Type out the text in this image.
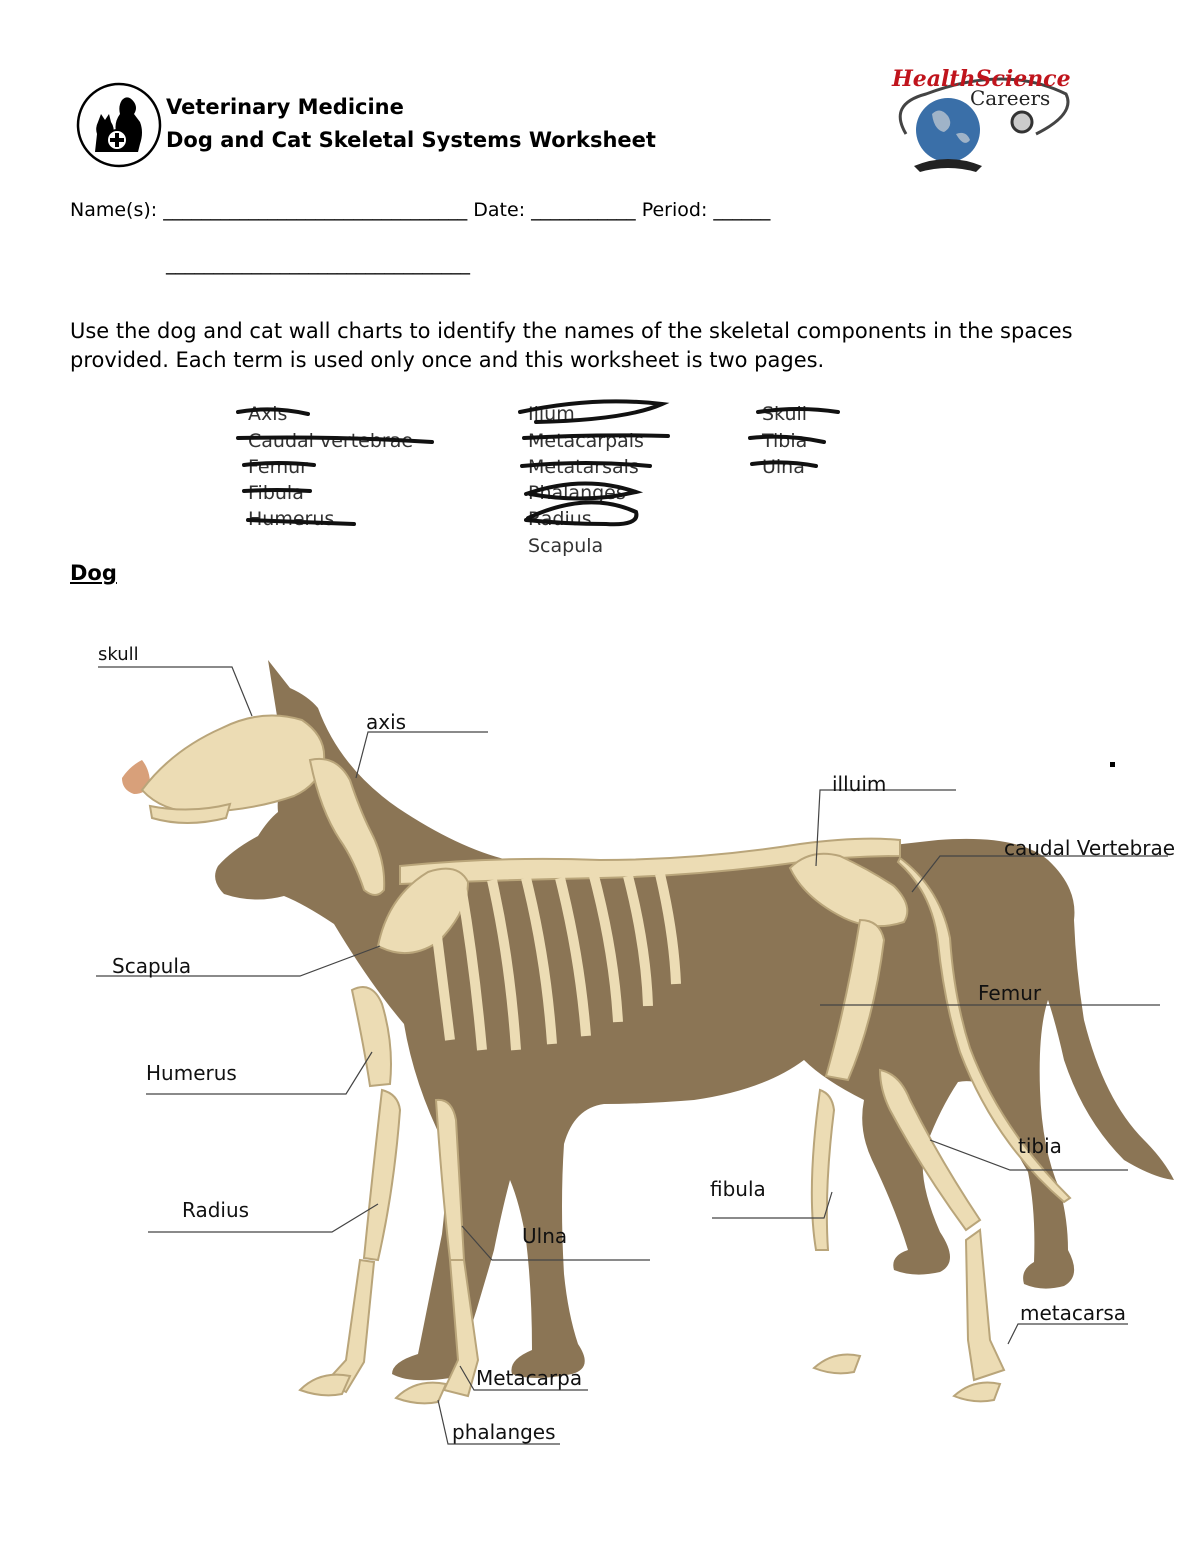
Veterinary Medicine
Dog and Cat Skeletal Systems Worksheet
HealthScience
Careers
Name(s): ________________________________ Date: ___________ Period: ______
________________________________
Use the dog and cat wall charts to identify the names of the skeletal components in the spaces provided. Each term is used only once and this worksheet is two pages.
Axis
Caudal vertebrae
Femur
Fibula
Humerus
Ilium
Metacarpals
Metatarsals
Phalanges
Radius
Scapula
Skull
Tibia
Ulna
Dog
skull
axis
illuim
caudal Vertebrae
Scapula
Femur
Humerus
tibia
fibula
Radius
Ulna
metacarsa
Metacarpa
phalanges
